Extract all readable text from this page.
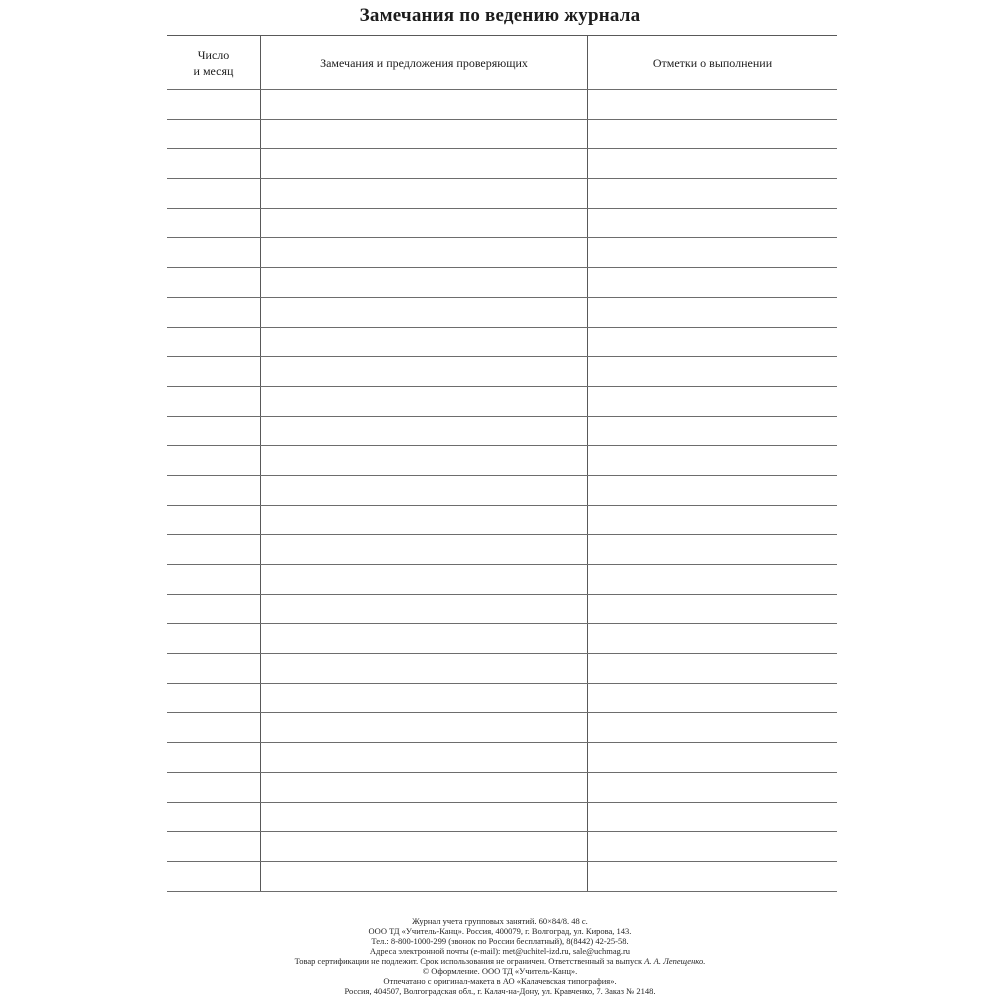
Замечания по ведению журнала
Число
и месяц
Замечания и предложения проверяющих	Отметки о выполнении
Журнал учета групповых занятий. 60×84/8. 48 с.
ООО ТД «Учитель-Канц». Россия, 400079, г. Волгоград, ул. Кирова, 143.
Тел.: 8-800-1000-299 (звонок по России бесплатный), 8(8442) 42-25-58.
Адреса электронной почты (e-mail): met@uchitel-izd.ru, sale@uchmag.ru
Товар сертификации не подлежит. Срок использования не ограничен. Ответственный за выпуск А. А. Лепещенко.
© Оформление. ООО ТД «Учитель-Канц».
Отпечатано с оригинал-макета в АО «Калачевская типография».
Россия, 404507, Волгоградская обл., г. Калач-на-Дону, ул. Кравченко, 7. Заказ № 2148.
